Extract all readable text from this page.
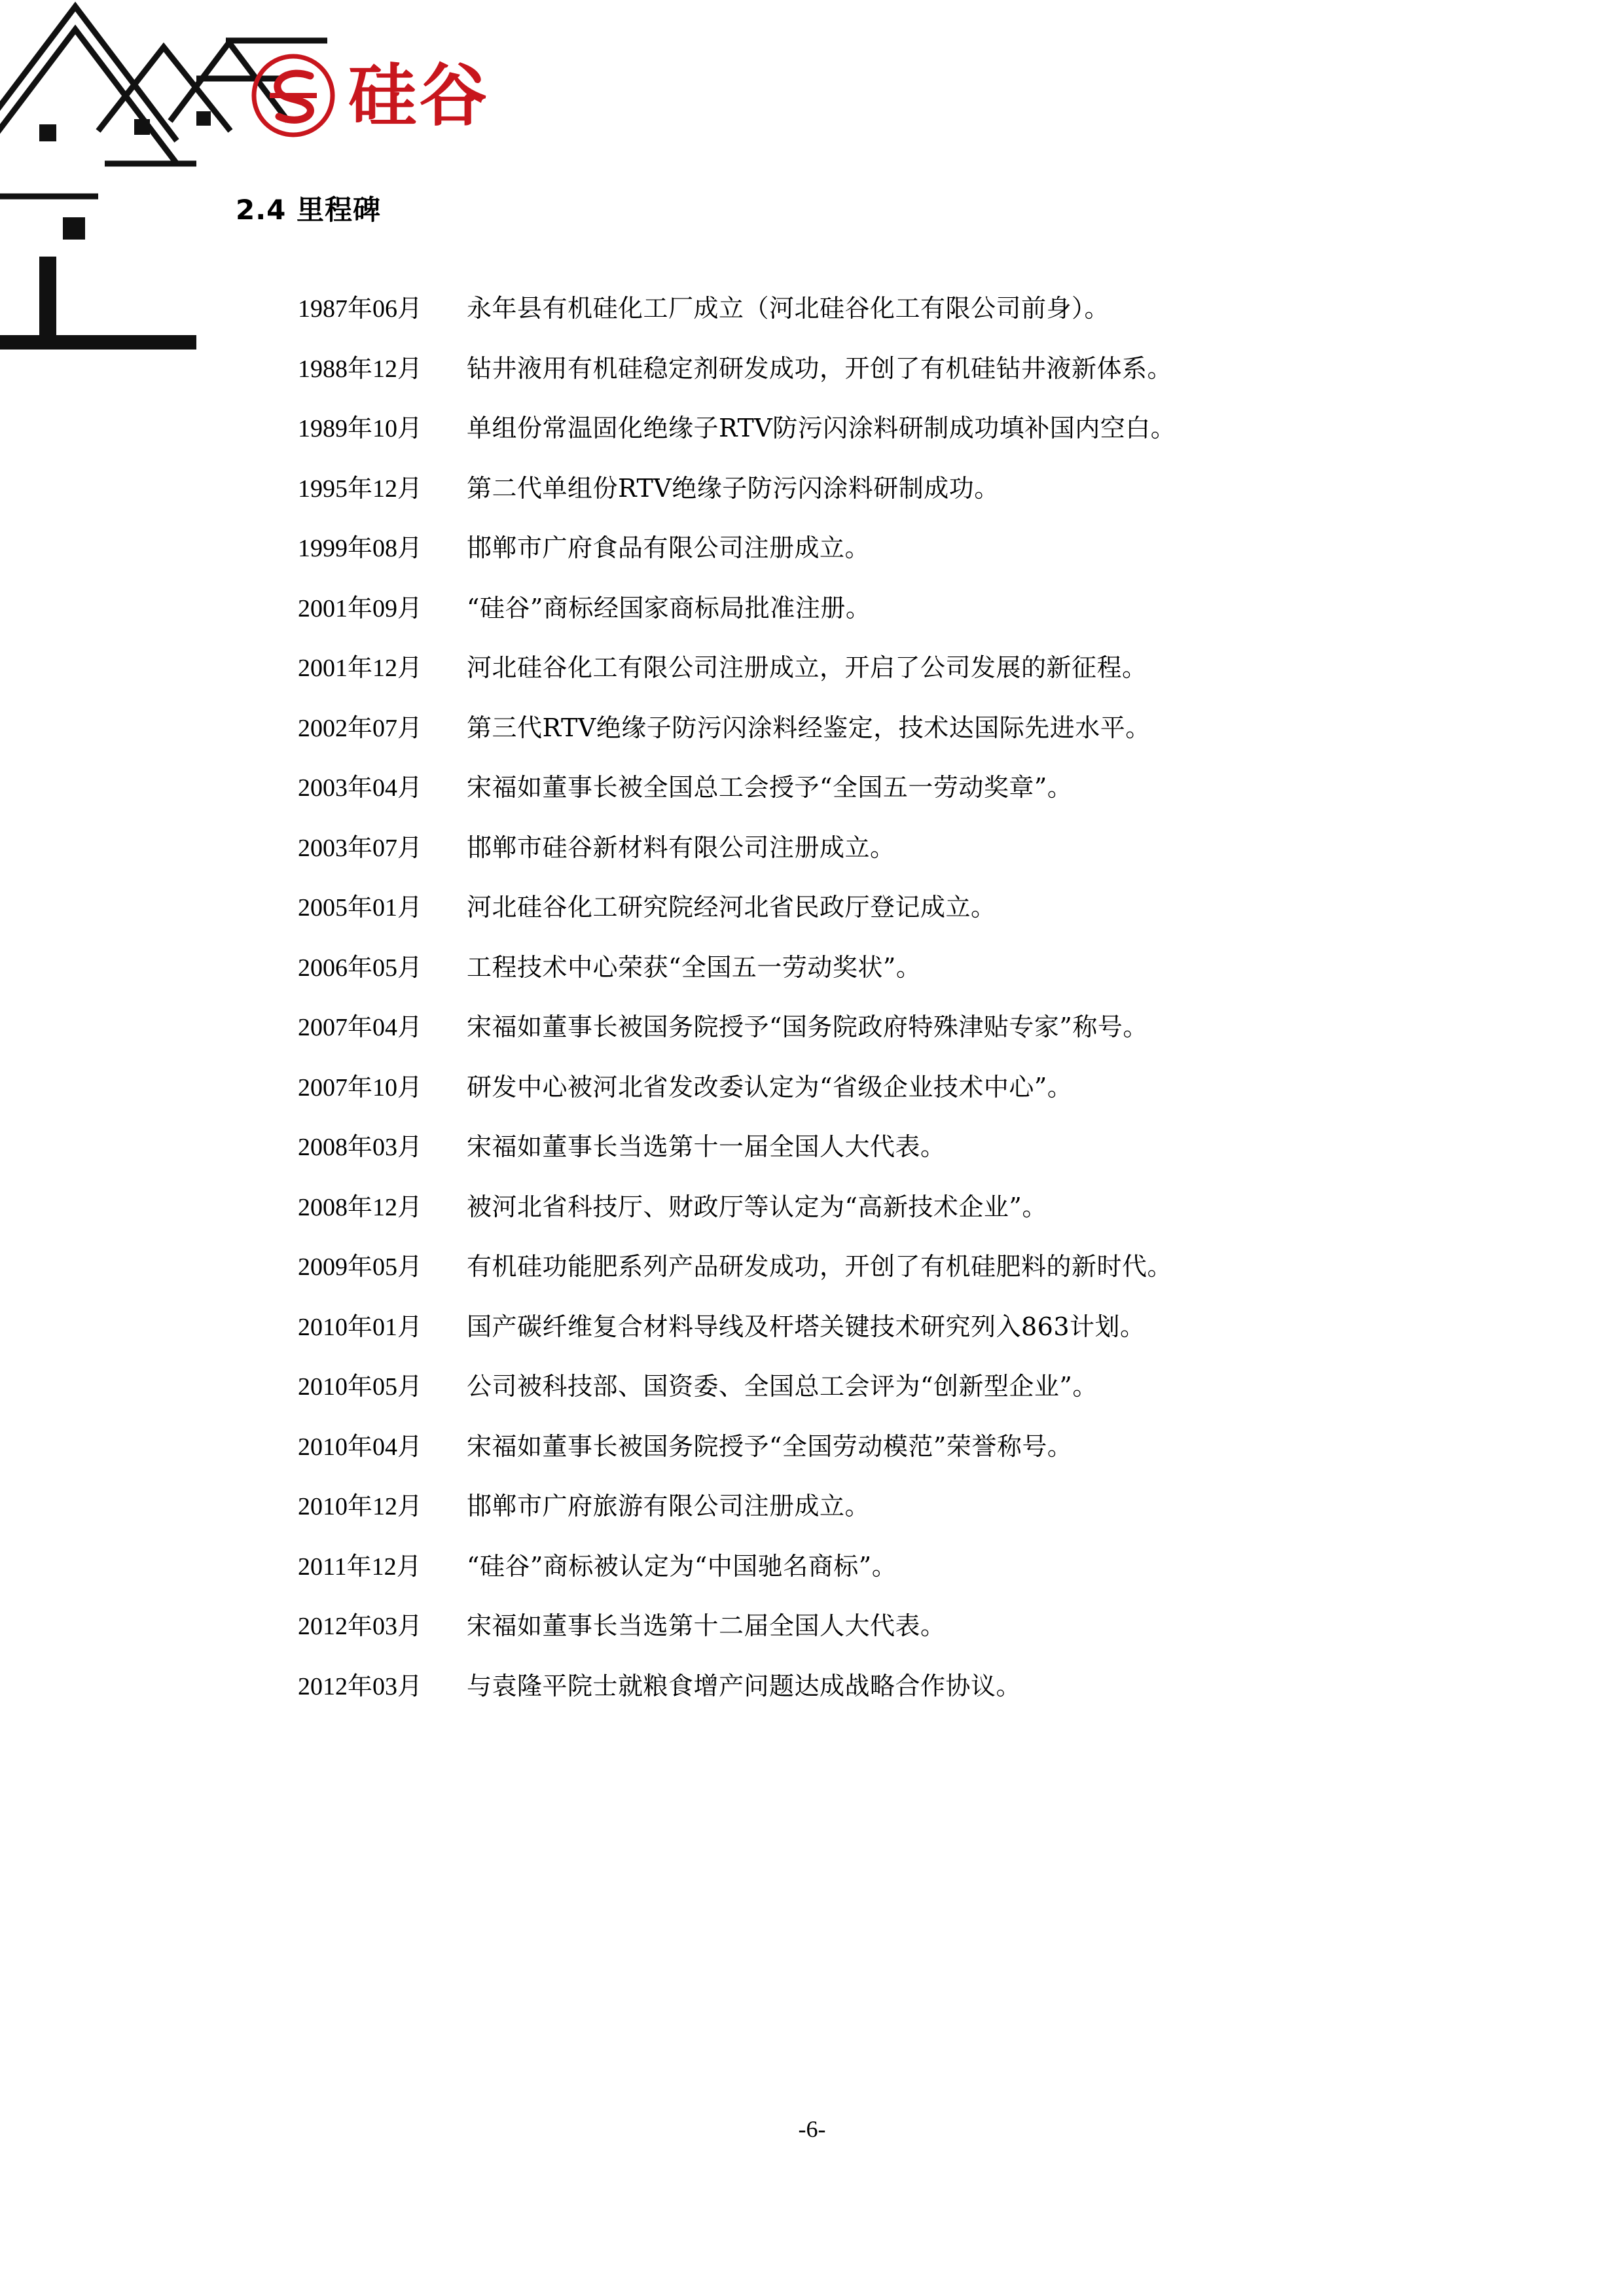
硅谷
2.4 里程碑
1987年06月	永年县有机硅化工厂成立（河北硅谷化工有限公司前身）。
1988年12月	钻井液用有机硅稳定剂研发成功，开创了有机硅钻井液新体系。
1989年10月	单组份常温固化绝缘子RTV防污闪涂料研制成功填补国内空白。
1995年12月	第二代单组份RTV绝缘子防污闪涂料研制成功。
1999年08月	邯郸市广府食品有限公司注册成立。
2001年09月	“硅谷”商标经国家商标局批准注册。
2001年12月	河北硅谷化工有限公司注册成立，开启了公司发展的新征程。
2002年07月	第三代RTV绝缘子防污闪涂料经鉴定，技术达国际先进水平。
2003年04月	宋福如董事长被全国总工会授予“全国五一劳动奖章”。
2003年07月	邯郸市硅谷新材料有限公司注册成立。
2005年01月	河北硅谷化工研究院经河北省民政厅登记成立。
2006年05月	工程技术中心荣获“全国五一劳动奖状”。
2007年04月	宋福如董事长被国务院授予“国务院政府特殊津贴专家”称号。
2007年10月	研发中心被河北省发改委认定为“省级企业技术中心”。
2008年03月	宋福如董事长当选第十一届全国人大代表。
2008年12月	被河北省科技厅、财政厅等认定为“高新技术企业”。
2009年05月	有机硅功能肥系列产品研发成功，开创了有机硅肥料的新时代。
2010年01月	国产碳纤维复合材料导线及杆塔关键技术研究列入863计划。
2010年05月	公司被科技部、国资委、全国总工会评为“创新型企业”。
2010年04月	宋福如董事长被国务院授予“全国劳动模范”荣誉称号。
2010年12月	邯郸市广府旅游有限公司注册成立。
2011年12月	“硅谷”商标被认定为“中国驰名商标”。
2012年03月	宋福如董事长当选第十二届全国人大代表。
2012年03月	与袁隆平院士就粮食增产问题达成战略合作协议。
-6-
